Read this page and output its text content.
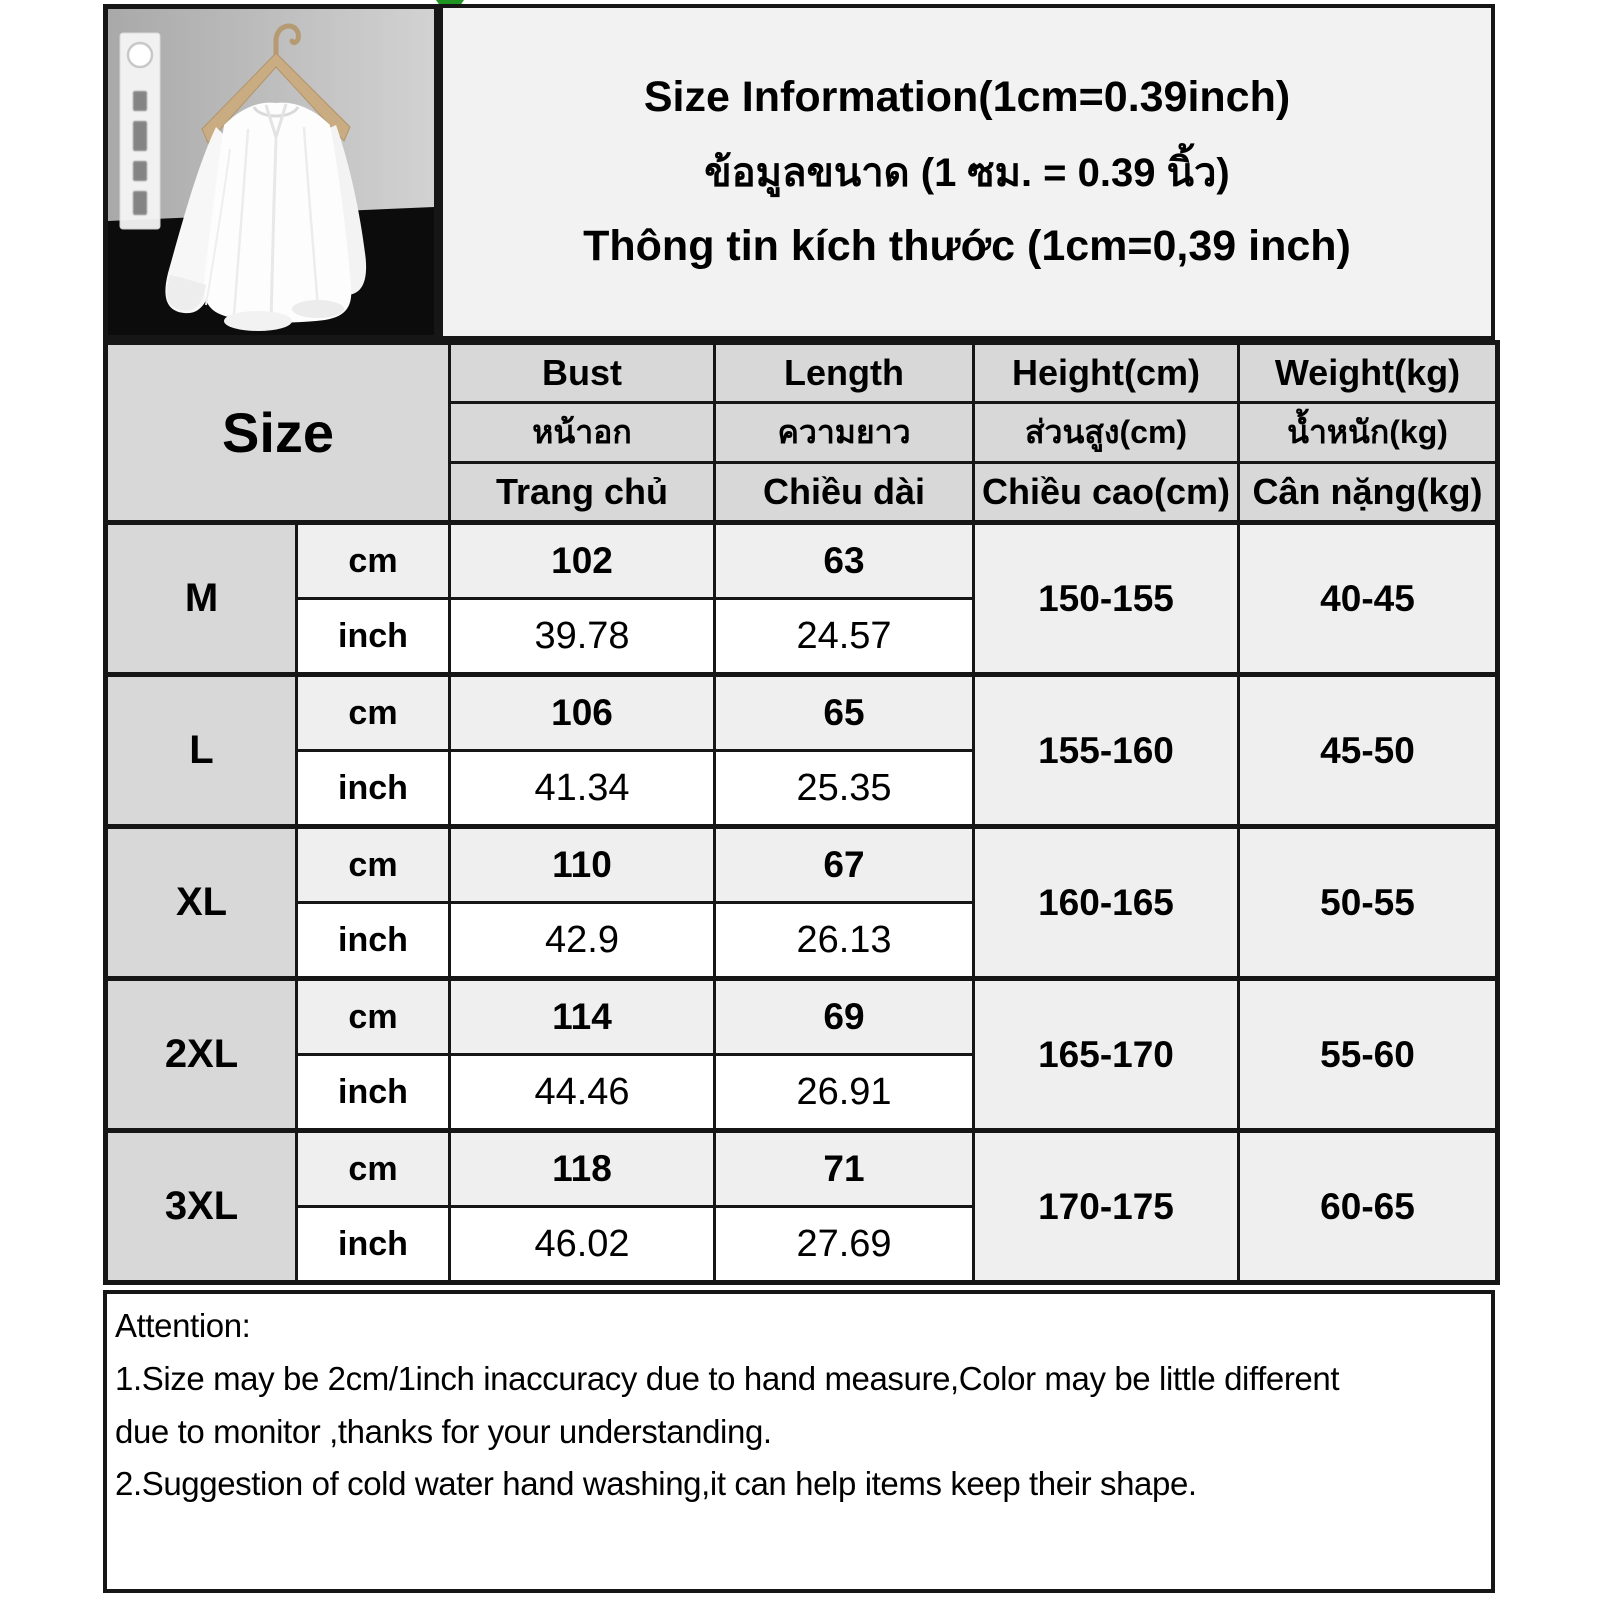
Size Information(1cm=0.39inch)
ข้อมูลขนาด (1 ซม. = 0.39 นิ้ว)
Thông tin kích thước (1cm=0,39 inch)
Size		Bust	Length	Height(cm)	Weight(kg)
		หน้าอก	ความยาว	ส่วนสูง(cm)	น้ำหนัก(kg)
		Trang chủ	Chiều dài	Chiều cao(cm)	Cân nặng(kg)
M	cm	102	63	150-155	40-45
	inch	39.78	24.57		
L	cm	106	65	155-160	45-50
	inch	41.34	25.35		
XL	cm	110	67	160-165	50-55
	inch	42.9	26.13		
2XL	cm	114	69	165-170	55-60
	inch	44.46	26.91		
3XL	cm	118	71	170-175	60-65
	inch	46.02	27.69		
Attention:
1.Size may be 2cm/1inch inaccuracy due to hand measure,Color may be little different
due to monitor ,thanks for your understanding.
2.Suggestion of cold water hand washing,it can help items keep their shape.
